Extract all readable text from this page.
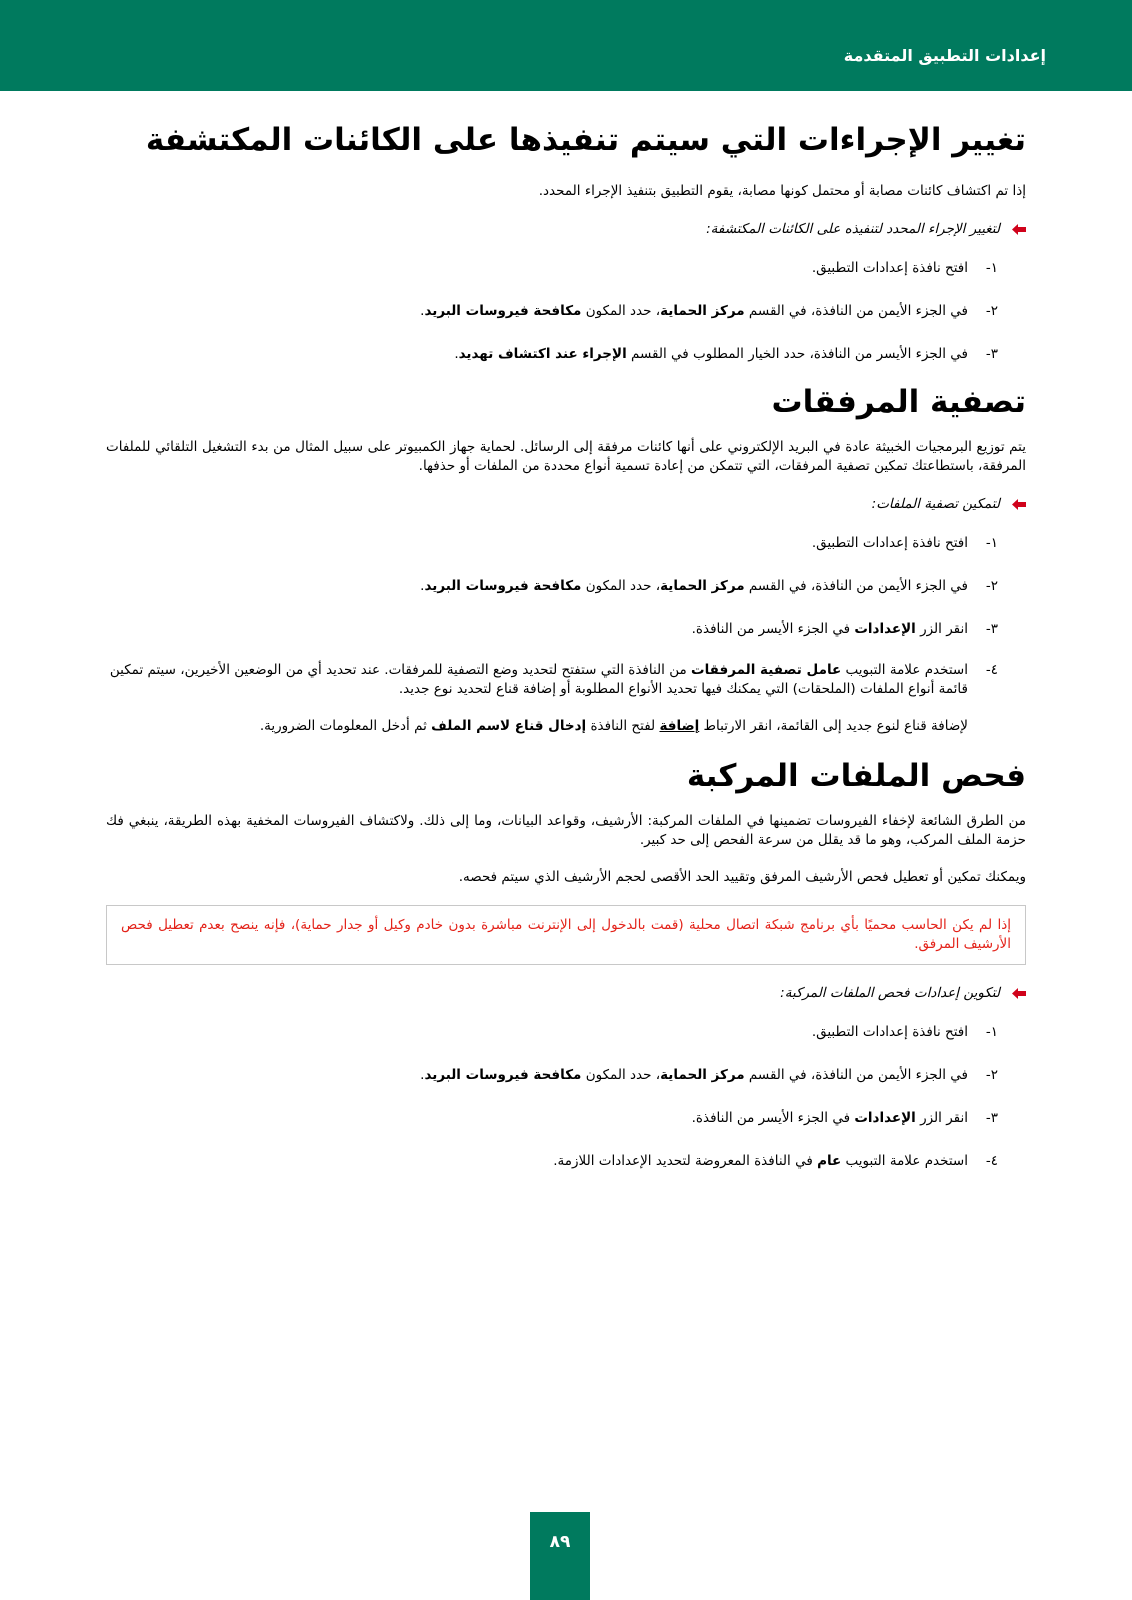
إعدادات التطبيق المتقدمة
تغيير الإجراءات التي سيتم تنفيذها على الكائنات المكتشفة

إذا تم اكتشاف كائنات مصابة أو محتمل كونها مصابة، يقوم التطبيق بتنفيذ الإجراء المحدد.

لتغيير الإجراء المحدد لتنفيذه على الكائنات المكتشفة:
١-
افتح نافذة إعدادات التطبيق.
٢-
في الجزء الأيمن من النافذة، في القسم مركز الحماية، حدد المكون مكافحة فيروسات البريد.
٣-
في الجزء الأيسر من النافذة، حدد الخيار المطلوب في القسم الإجراء عند اكتشاف تهديد.
تصفية المرفقات

يتم توزيع البرمجيات الخبيثة عادة في البريد الإلكتروني على أنها كائنات مرفقة إلى الرسائل. لحماية جهاز الكمبيوتر على سبيل المثال من بدء التشغيل التلقائي للملفات المرفقة، باستطاعتك تمكين تصفية المرفقات، التي تتمكن من إعادة تسمية أنواع محددة من الملفات أو حذفها.

لتمكين تصفية الملفات:
١-
افتح نافذة إعدادات التطبيق.
٢-
في الجزء الأيمن من النافذة، في القسم مركز الحماية، حدد المكون مكافحة فيروسات البريد.
٣-
انقر الزر الإعدادات في الجزء الأيسر من النافذة.
٤-
استخدم علامة التبويب عامل تصفية المرفقات من النافذة التي ستفتح لتحديد وضع التصفية للمرفقات. عند تحديد أي من الوضعين الأخيرين، سيتم تمكين قائمة أنواع الملفات (الملحقات) التي يمكنك فيها تحديد الأنواع المطلوبة أو إضافة قناع لتحديد نوع جديد.
لإضافة قناع لنوع جديد إلى القائمة، انقر الارتباط إضافة لفتح النافذة إدخال قناع لاسم الملف ثم أدخل المعلومات الضرورية.
فحص الملفات المركبة

من الطرق الشائعة لإخفاء الفيروسات تضمينها في الملفات المركبة: الأرشيف، وقواعد البيانات، وما إلى ذلك. ولاكتشاف الفيروسات المخفية بهذه الطريقة، ينبغي فك حزمة الملف المركب، وهو ما قد يقلل من سرعة الفحص إلى حد كبير.

ويمكنك تمكين أو تعطيل فحص الأرشيف المرفق وتقييد الحد الأقصى لحجم الأرشيف الذي سيتم فحصه.

إذا لم يكن الحاسب محميًا بأي برنامج شبكة اتصال محلية (قمت بالدخول إلى الإنترنت مباشرة بدون خادم وكيل أو جدار حماية)، فإنه ينصح بعدم تعطيل فحص الأرشيف المرفق.
لتكوين إعدادات فحص الملفات المركبة:
١-
افتح نافذة إعدادات التطبيق.
٢-
في الجزء الأيمن من النافذة، في القسم مركز الحماية، حدد المكون مكافحة فيروسات البريد.
٣-
انقر الزر الإعدادات في الجزء الأيسر من النافذة.
٤-
استخدم علامة التبويب عام في النافذة المعروضة لتحديد الإعدادات اللازمة.
٨٩
